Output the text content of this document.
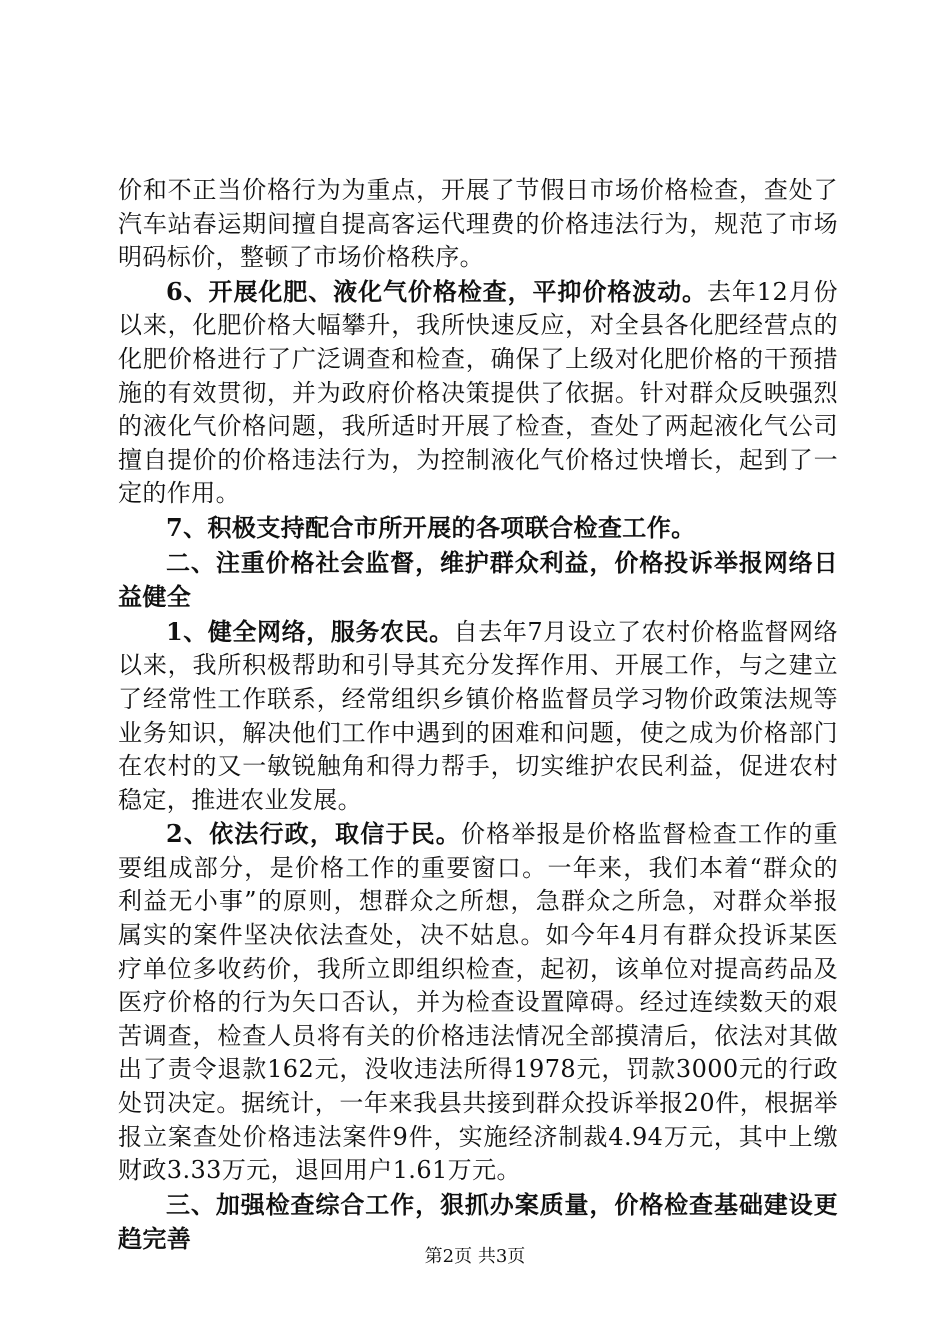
价和不正当价格行为为重点，开展了节假日市场价格检查，查处了汽车站春运期间擅自提高客运代理费的价格违法行为，规范了市场明码标价，整顿了市场价格秩序。

6、开展化肥、液化气价格检查，平抑价格波动。去年12月份以来，化肥价格大幅攀升，我所快速反应，对全县各化肥经营点的化肥价格进行了广泛调查和检查，确保了上级对化肥价格的干预措施的有效贯彻，并为政府价格决策提供了依据。针对群众反映强烈的液化气价格问题，我所适时开展了检查，查处了两起液化气公司擅自提价的价格违法行为，为控制液化气价格过快增长，起到了一定的作用。

7、积极支持配合市所开展的各项联合检查工作。

二、注重价格社会监督，维护群众利益，价格投诉举报网络日益健全

1、健全网络，服务农民。自去年7月设立了农村价格监督网络以来，我所积极帮助和引导其充分发挥作用、开展工作，与之建立了经常性工作联系，经常组织乡镇价格监督员学习物价政策法规等业务知识，解决他们工作中遇到的困难和问题，使之成为价格部门在农村的又一敏锐触角和得力帮手，切实维护农民利益，促进农村稳定，推进农业发展。

2、依法行政，取信于民。价格举报是价格监督检查工作的重要组成部分，是价格工作的重要窗口。一年来，我们本着“群众的利益无小事”的原则，想群众之所想，急群众之所急，对群众举报属实的案件坚决依法查处，决不姑息。如今年4月有群众投诉某医疗单位多收药价，我所立即组织检查，起初，该单位对提高药品及医疗价格的行为矢口否认，并为检查设置障碍。经过连续数天的艰苦调查，检查人员将有关的价格违法情况全部摸清后，依法对其做出了责令退款162元，没收违法所得1978元，罚款3000元的行政处罚决定。据统计，一年来我县共接到群众投诉举报20件，根据举报立案查处价格违法案件9件，实施经济制裁4.94万元，其中上缴财政3.33万元，退回用户1.61万元。

三、加强检查综合工作，狠抓办案质量，价格检查基础建设更趋完善

第2页 共3页
